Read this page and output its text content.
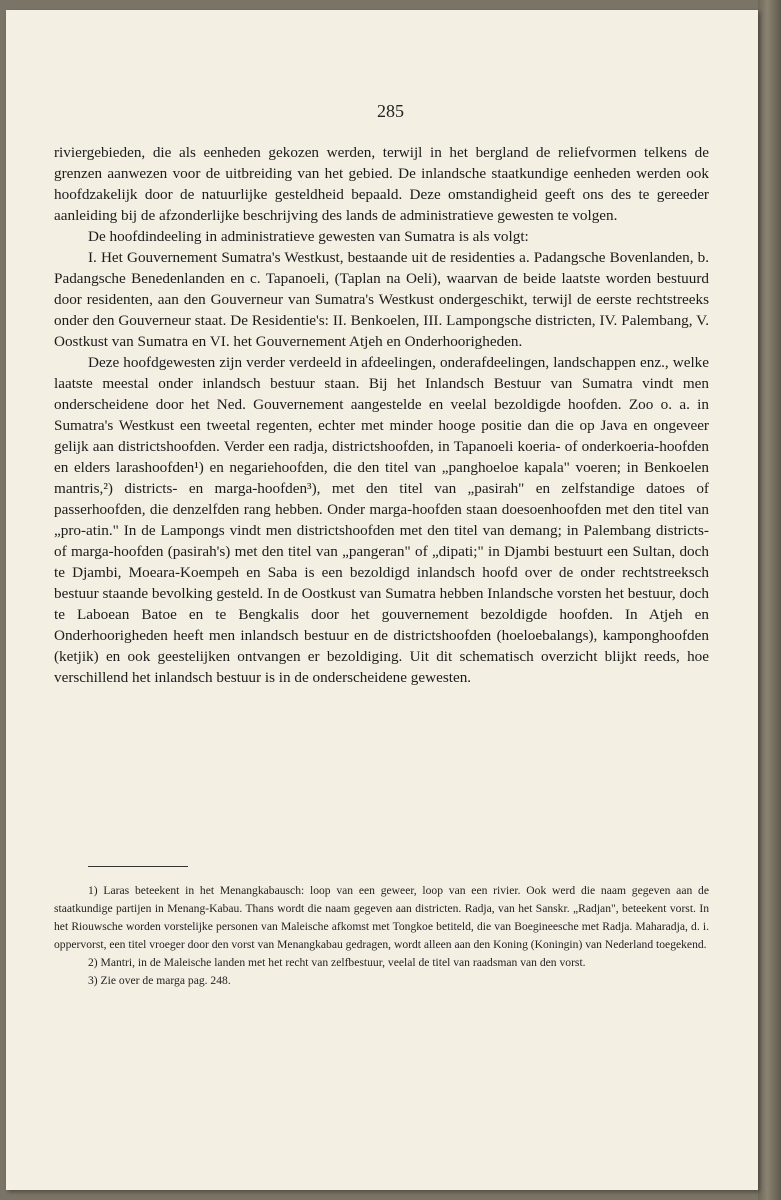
285

riviergebieden, die als eenheden gekozen werden, terwijl in het bergland de reliefvormen telkens de grenzen aanwezen voor de uitbreiding van het gebied. De inlandsche staatkundige eenheden werden ook hoofdzakelijk door de natuurlijke gesteldheid bepaald. Deze omstandigheid geeft ons des te gereeder aanleiding bij de afzonderlijke beschrijving des lands de administratieve gewesten te volgen.

De hoofdindeeling in administratieve gewesten van Sumatra is als volgt:

I. Het Gouvernement Sumatra's Westkust, bestaande uit de residenties a. Padangsche Bovenlanden, b. Padangsche Benedenlanden en c. Tapanoeli, (Taplan na Oeli), waarvan de beide laatste worden bestuurd door residenten, aan den Gouverneur van Sumatra's Westkust ondergeschikt, terwijl de eerste rechtstreeks onder den Gouverneur staat. De Residentie's: II. Benkoelen, III. Lampongsche districten, IV. Palembang, V. Oostkust van Sumatra en VI. het Gouvernement Atjeh en Onderhoorigheden.

Deze hoofdgewesten zijn verder verdeeld in afdeelingen, onderafdeelingen, landschappen enz., welke laatste meestal onder inlandsch bestuur staan. Bij het Inlandsch Bestuur van Sumatra vindt men onderscheidene door het Ned. Gouvernement aangestelde en veelal bezoldigde hoofden. Zoo o. a. in Sumatra's Westkust een tweetal regenten, echter met minder hooge positie dan die op Java en ongeveer gelijk aan districtshoofden. Verder een radja, districtshoofden, in Tapanoeli koeria- of onderkoeria-hoofden en elders larashoofden¹) en negariehoofden, die den titel van „panghoeloe kapala" voeren; in Benkoelen mantris,²) districts- en marga-hoofden³), met den titel van „pasirah" en zelfstandige datoes of passerhoofden, die denzelfden rang hebben. Onder marga-hoofden staan doesoenhoofden met den titel van „pro-atin." In de Lampongs vindt men districtshoofden met den titel van demang; in Palembang districts- of marga-hoofden (pasirah's) met den titel van „pangeran" of „dipati;" in Djambi bestuurt een Sultan, doch te Djambi, Moeara-Koempeh en Saba is een bezoldigd inlandsch hoofd over de onder rechtstreeksch bestuur staande bevolking gesteld. In de Oostkust van Sumatra hebben Inlandsche vorsten het bestuur, doch te Laboean Batoe en te Bengkalis door het gouvernement bezoldigde hoofden. In Atjeh en Onderhoorigheden heeft men inlandsch bestuur en de districtshoofden (hoeloebalangs), kamponghoofden (ketjik) en ook geestelijken ontvangen er bezoldiging. Uit dit schematisch overzicht blijkt reeds, hoe verschillend het inlandsch bestuur is in de onderscheidene gewesten.

1) Laras beteekent in het Menangkabausch: loop van een geweer, loop van een rivier. Ook werd die naam gegeven aan de staatkundige partijen in Menang-Kabau. Thans wordt die naam gegeven aan districten. Radja, van het Sanskr. „Radjan", beteekent vorst. In het Riouwsche worden vorstelijke personen van Maleische afkomst met Tongkoe betiteld, die van Boegineesche met Radja. Maharadja, d. i. oppervorst, een titel vroeger door den vorst van Menangkabau gedragen, wordt alleen aan den Koning (Koningin) van Nederland toegekend.

2) Mantri, in de Maleische landen met het recht van zelfbestuur, veelal de titel van raadsman van den vorst.

3) Zie over de marga pag. 248.
